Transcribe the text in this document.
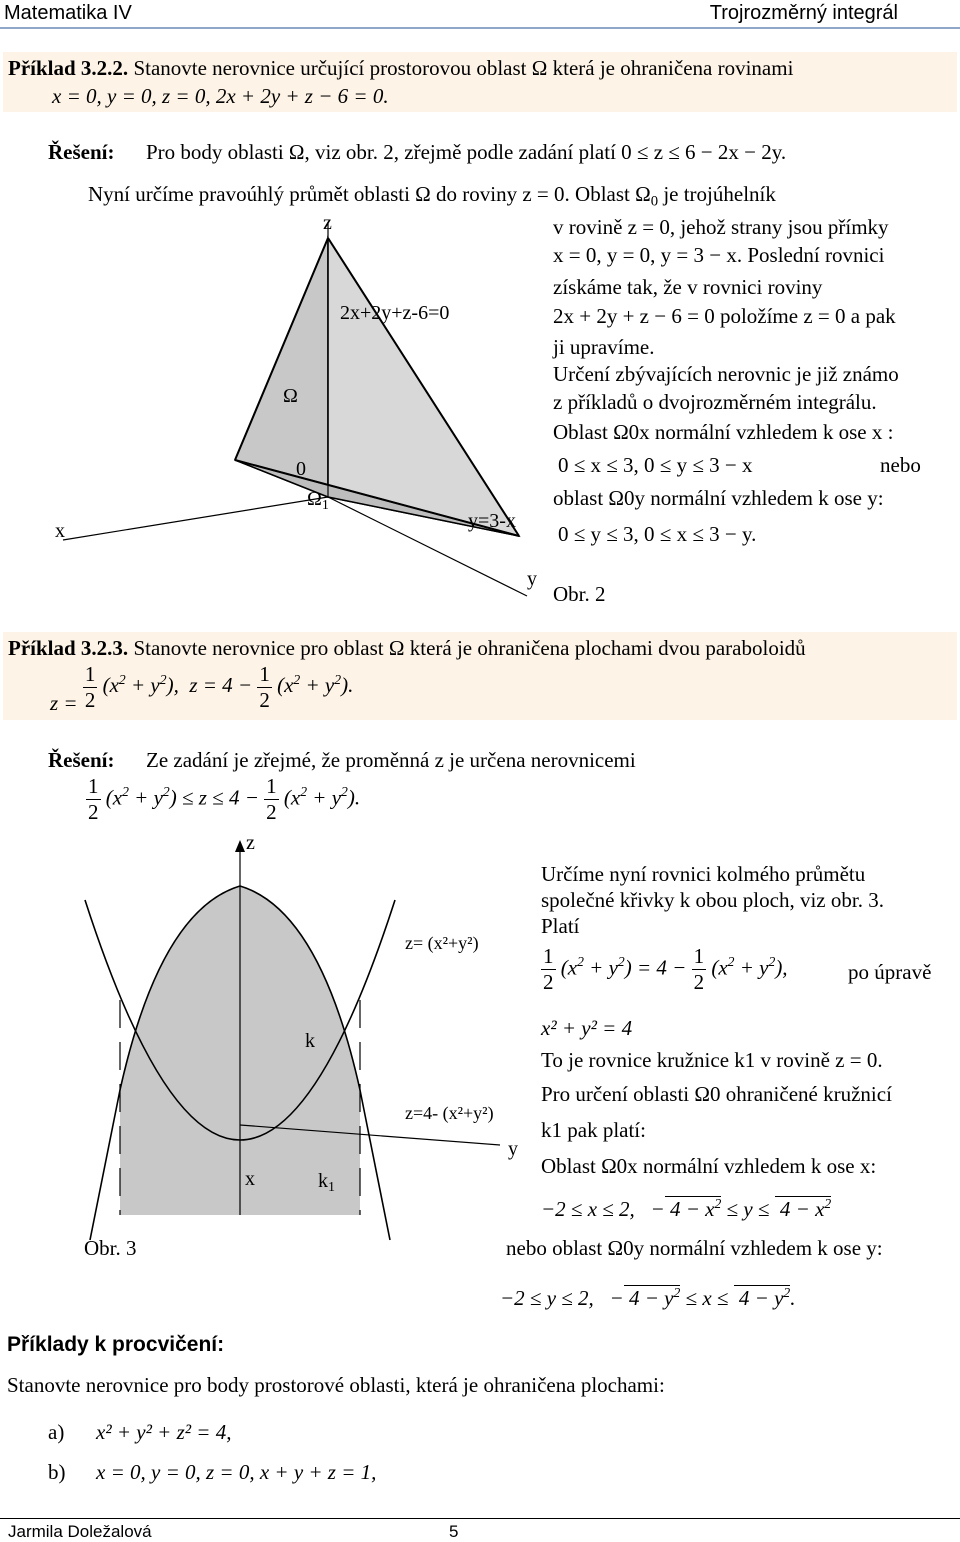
Matematika IV	Trojrozměrný integrál
Příklad 3.2.2. Stanovte nerovnice určující prostorovou oblast Ω která je ohraničena rovinami
x = 0, y = 0, z = 0, 2x + 2y + z − 6 = 0.
Řešení: Pro body oblasti Ω, viz obr. 2, zřejmě podle zadání platí 0 ≤ z ≤ 6 − 2x − 2y.
Nyní určíme pravoúhlý průmět oblasti Ω do roviny z = 0. Oblast $\Omega_0$ je trojúhelník
v rovině z = 0, jehož strany jsou přímky
x = 0, y = 0, y = 3 − x. Poslední rovnici
získáme tak, že v rovnici roviny
2x + 2y + z − 6 = 0 položíme z = 0 a pak
ji upravíme.
Určení zbývajících nerovnic je již známo
z příkladů o dvojrozměrném integrálu.
Oblast Ω0x normální vzhledem k ose x :
0 ≤ x ≤ 3, 0 ≤ y ≤ 3 − x	nebo
oblast Ω0y normální vzhledem k ose y:
0 ≤ y ≤ 3, 0 ≤ x ≤ 3 − y.
Obr. 2
z
x
y
2x+2y+z-6=0
Ω
0
$\Omega_1$
y=3-x
Příklad 3.2.3. Stanovte nerovnice pro oblast Ω která je ohraničena plochami dvou paraboloidů
$z = \frac{1}{2} (x^2 + y^2)$,  $z = 4 - \frac{1}{2} (x^2 + y^2)$.
Řešení: Ze zadání je zřejmé, že proměnná z je určena nerovnicemi
$\frac{1}{2} (x^2 + y^2) \le z \le 4 - \frac{1}{2} (x^2 + y^2)$.
z
x
y
k
$k_1$
z= (x²+y²)
z=4- (x²+y²)
Obr. 3
Určíme nyní rovnici kolmého průmětu
společné křivky k obou ploch, viz obr. 3.
Platí
$\frac{1}{2} (x^2 + y^2) = 4 - \frac{1}{2} (x^2 + y^2)$,	po úpravě
x² + y² = 4
To je rovnice kružnice k1 v rovině z = 0.
Pro určení oblasti Ω0 ohraničené kružnicí
k1 pak platí:
Oblast Ω0x normální vzhledem k ose x:
−2 ≤ x ≤ 2,   − $4 - x^2 \le y \le 4 - x^2$
nebo oblast Ω0y normální vzhledem k ose y:
−2 ≤ y ≤ 2,   − $4 - y^2 \le x \le 4 - y^2$.
Příklady k procvičení:
Stanovte nerovnice pro body prostorové oblasti, která je ohraničena plochami:
a) x² + y² + z² = 4,
b) x = 0, y = 0, z = 0, x + y + z = 1,
Jarmila Doležalová	5
